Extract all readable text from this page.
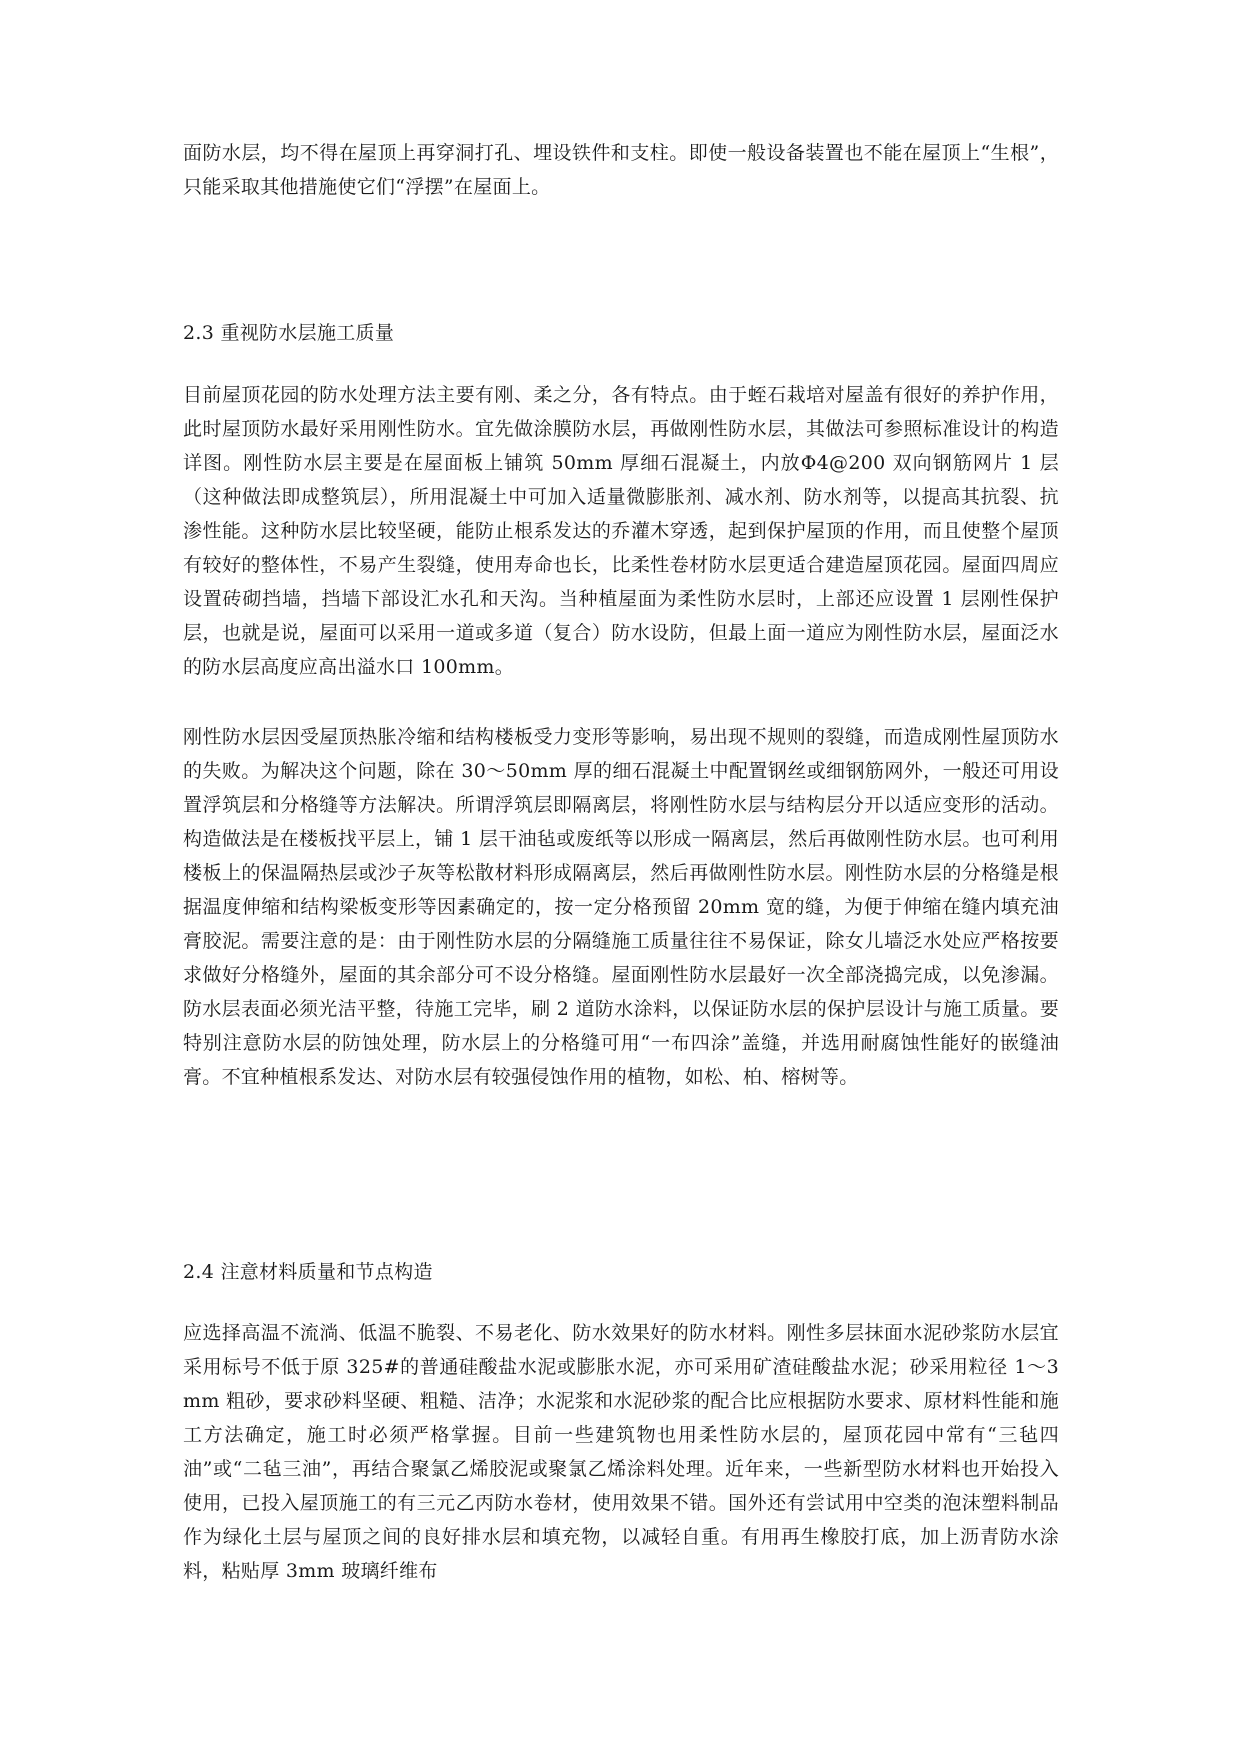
面防水层，均不得在屋顶上再穿洞打孔、埋设铁件和支柱。即使一般设备装置也不能在屋顶上“生根”，只能采取其他措施使它们“浮摆”在屋面上。

2.3 重视防水层施工质量

目前屋顶花园的防水处理方法主要有刚、柔之分，各有特点。由于蛭石栽培对屋盖有很好的养护作用，此时屋顶防水最好采用刚性防水。宜先做涂膜防水层，再做刚性防水层，其做法可参照标准设计的构造详图。刚性防水层主要是在屋面板上铺筑 50mm 厚细石混凝土，内放Φ4@200 双向钢筋网片 1 层（这种做法即成整筑层），所用混凝土中可加入适量微膨胀剂、减水剂、防水剂等，以提高其抗裂、抗渗性能。这种防水层比较坚硬，能防止根系发达的乔灌木穿透，起到保护屋顶的作用，而且使整个屋顶有较好的整体性，不易产生裂缝，使用寿命也长，比柔性卷材防水层更适合建造屋顶花园。屋面四周应设置砖砌挡墙，挡墙下部设汇水孔和天沟。当种植屋面为柔性防水层时，上部还应设置 1 层刚性保护层，也就是说，屋面可以采用一道或多道（复合）防水设防，但最上面一道应为刚性防水层，屋面泛水的防水层高度应高出溢水口 100mm。

刚性防水层因受屋顶热胀冷缩和结构楼板受力变形等影响，易出现不规则的裂缝，而造成刚性屋顶防水的失败。为解决这个问题，除在 30～50mm 厚的细石混凝土中配置钢丝或细钢筋网外，一般还可用设置浮筑层和分格缝等方法解决。所谓浮筑层即隔离层，将刚性防水层与结构层分开以适应变形的活动。构造做法是在楼板找平层上，铺 1 层干油毡或废纸等以形成一隔离层，然后再做刚性防水层。也可利用楼板上的保温隔热层或沙子灰等松散材料形成隔离层，然后再做刚性防水层。刚性防水层的分格缝是根据温度伸缩和结构梁板变形等因素确定的，按一定分格预留 20mm 宽的缝，为便于伸缩在缝内填充油膏胶泥。需要注意的是：由于刚性防水层的分隔缝施工质量往往不易保证，除女儿墙泛水处应严格按要求做好分格缝外，屋面的其余部分可不设分格缝。屋面刚性防水层最好一次全部浇捣完成，以免渗漏。防水层表面必须光洁平整，待施工完毕，刷 2 道防水涂料，以保证防水层的保护层设计与施工质量。要特别注意防水层的防蚀处理，防水层上的分格缝可用“一布四涂”盖缝，并选用耐腐蚀性能好的嵌缝油膏。不宜种植根系发达、对防水层有较强侵蚀作用的植物，如松、柏、榕树等。

2.4 注意材料质量和节点构造

应选择高温不流淌、低温不脆裂、不易老化、防水效果好的防水材料。刚性多层抹面水泥砂浆防水层宜采用标号不低于原 325#的普通硅酸盐水泥或膨胀水泥，亦可采用矿渣硅酸盐水泥；砂采用粒径 1～3mm 粗砂，要求砂料坚硬、粗糙、洁净；水泥浆和水泥砂浆的配合比应根据防水要求、原材料性能和施工方法确定，施工时必须严格掌握。目前一些建筑物也用柔性防水层的，屋顶花园中常有“三毡四油”或“二毡三油”，再结合聚氯乙烯胶泥或聚氯乙烯涂料处理。近年来，一些新型防水材料也开始投入使用，已投入屋顶施工的有三元乙丙防水卷材，使用效果不错。国外还有尝试用中空类的泡沫塑料制品作为绿化土层与屋顶之间的良好排水层和填充物，以减轻自重。有用再生橡胶打底，加上沥青防水涂料，粘贴厚 3mm 玻璃纤维布
